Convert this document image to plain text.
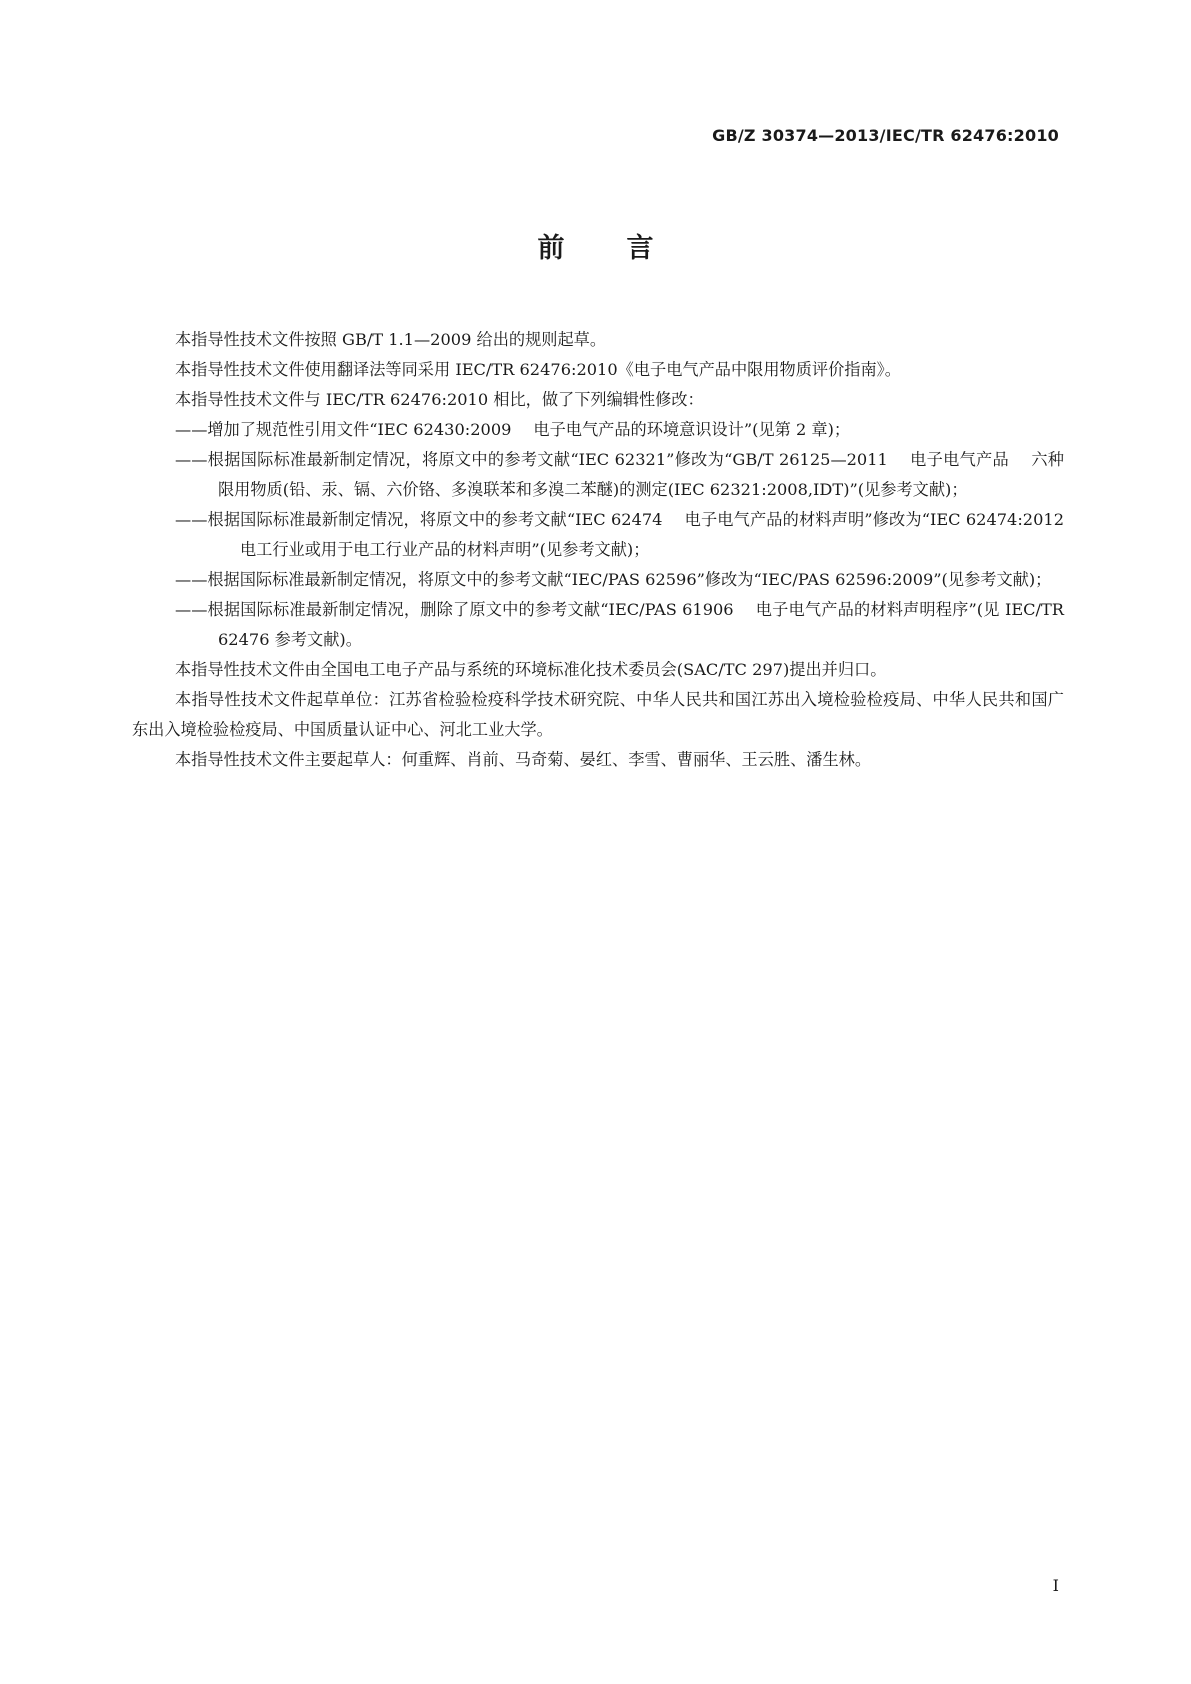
GB/Z 30374—2013/IEC/TR 62476:2010
前 言

本指导性技术文件按照 GB/T 1.1—2009 给出的规则起草。

本指导性技术文件使用翻译法等同采用 IEC/TR 62476:2010《电子电气产品中限用物质评价指南》。

本指导性技术文件与 IEC/TR 62476:2010 相比，做了下列编辑性修改：

——增加了规范性引用文件“IEC 62430:2009 电子电气产品的环境意识设计”(见第 2 章)；

——根据国际标准最新制定情况，将原文中的参考文献“IEC 62321”修改为“GB/T 26125—2011 电子电气产品 六种限用物质(铅、汞、镉、六价铬、多溴联苯和多溴二苯醚)的测定(IEC 62321:2008,IDT)”(见参考文献)；

——根据国际标准最新制定情况，将原文中的参考文献“IEC 62474 电子电气产品的材料声明”修改为“IEC 62474:2012电工行业或用于电工行业产品的材料声明”(见参考文献)；

——根据国际标准最新制定情况，将原文中的参考文献“IEC/PAS 62596”修改为“IEC/PAS 62596:2009”(见参考文献)；

——根据国际标准最新制定情况，删除了原文中的参考文献“IEC/PAS 61906 电子电气产品的材料声明程序”(见 IEC/TR 62476 参考文献)。

本指导性技术文件由全国电工电子产品与系统的环境标准化技术委员会(SAC/TC 297)提出并归口。

本指导性技术文件起草单位：江苏省检验检疫科学技术研究院、中华人民共和国江苏出入境检验检疫局、中华人民共和国广东出入境检验检疫局、中国质量认证中心、河北工业大学。

本指导性技术文件主要起草人：何重辉、肖前、马奇菊、晏红、李雪、曹丽华、王云胜、潘生林。

I
